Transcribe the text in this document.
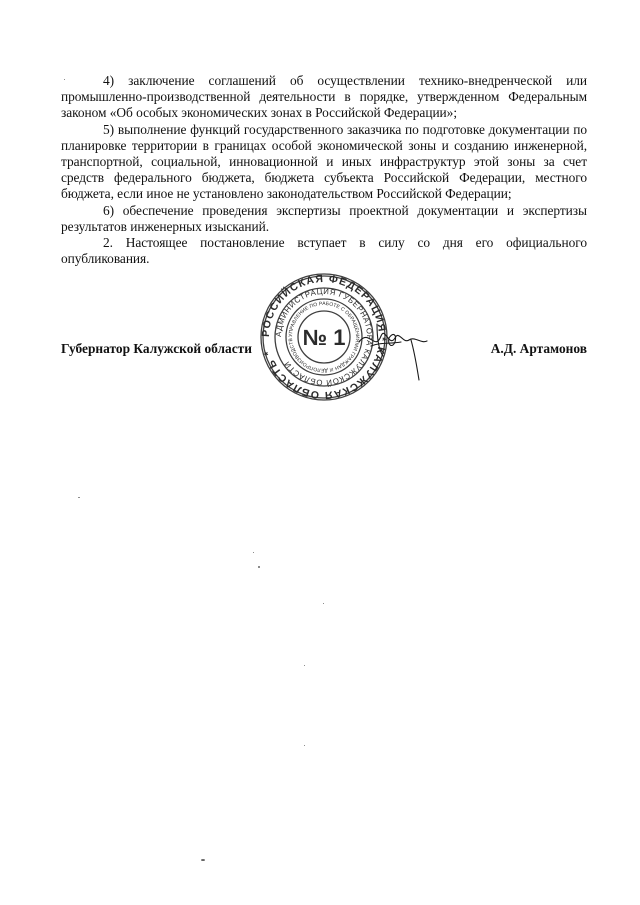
4) заключение соглашений об осуществлении технико-внедренческой или промышленно-производственной деятельности в порядке, утвержденном Федеральным законом «Об особых экономических зонах в Российской Федерации»;

5) выполнение функций государственного заказчика по подготовке документации по планировке территории в границах особой экономической зоны и созданию инженерной, транспортной, социальной, инновационной и иных инфраструктур этой зоны за счет средств федерального бюджета, бюджета субъекта Российской Федерации, местного бюджета, если иное не установлено законодательством Российской Федерации;

6) обеспечение проведения экспертизы проектной документации и экспертизы результатов инженерных изысканий.

2. Настоящее постановление вступает в силу со дня его официального опубликования.

Губернатор Калужской области	А.Д. Артамонов
РОССИЙСКАЯ ФЕДЕРАЦИЯ * КАЛУЖСКАЯ ОБЛАСТЬ *
АДМИНИСТРАЦИЯ ГУБЕРНАТОРА КАЛУЖСКОЙ ОБЛАСТИ
УПРАВЛЕНИЕ ПО РАБОТЕ С ОБРАЩЕНИЯМИ ГРАЖДАН И ДЕЛОПРОИЗВОДСТВ № 1
